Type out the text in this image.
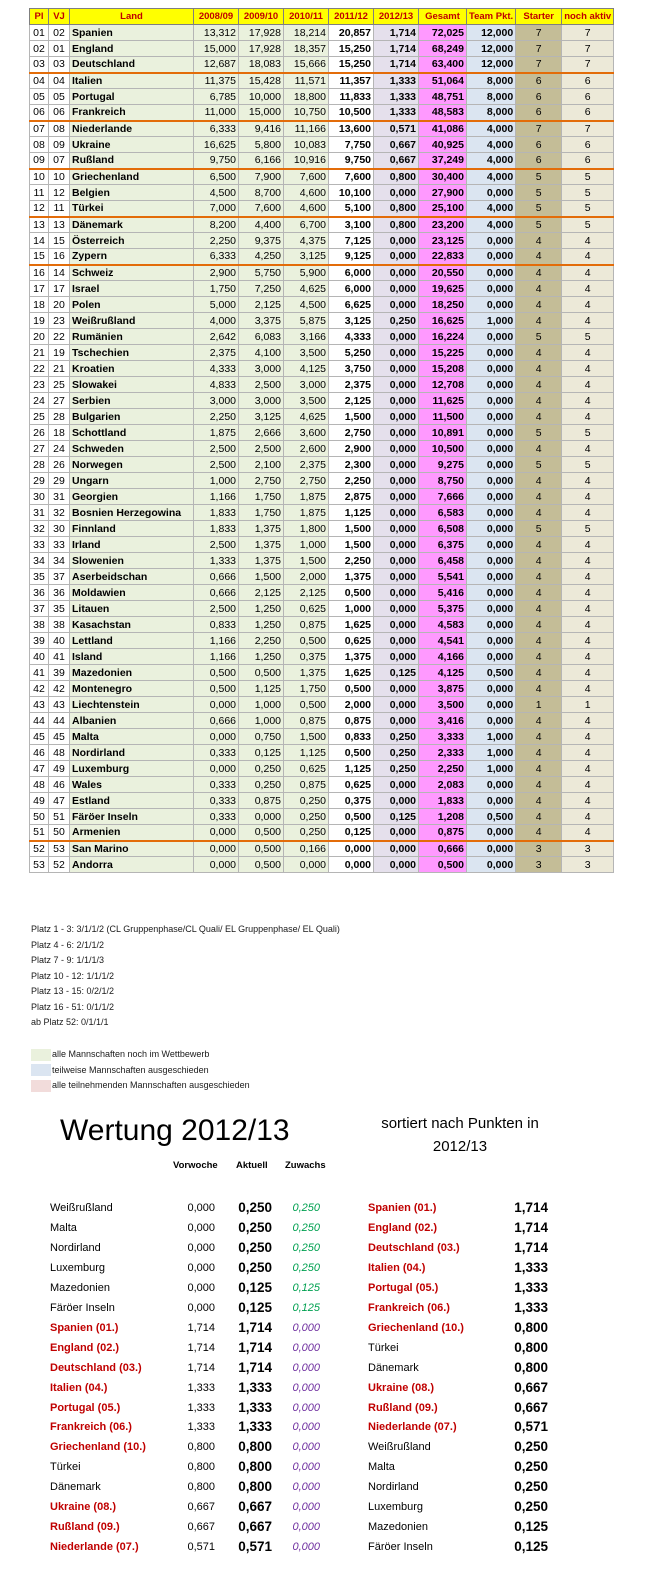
Pl	VJ	Land	2008/09	2009/10	2010/11	2011/12	2012/13	Gesamt	Team Pkt.	Starter	noch aktiv
01	02	Spanien	13,312	17,928	18,214	20,857	1,714	72,025	12,000	7	7
02	01	England	15,000	17,928	18,357	15,250	1,714	68,249	12,000	7	7
03	03	Deutschland	12,687	18,083	15,666	15,250	1,714	63,400	12,000	7	7
04	04	Italien	11,375	15,428	11,571	11,357	1,333	51,064	8,000	6	6
05	05	Portugal	6,785	10,000	18,800	11,833	1,333	48,751	8,000	6	6
06	06	Frankreich	11,000	15,000	10,750	10,500	1,333	48,583	8,000	6	6
07	08	Niederlande	6,333	9,416	11,166	13,600	0,571	41,086	4,000	7	7
08	09	Ukraine	16,625	5,800	10,083	7,750	0,667	40,925	4,000	6	6
09	07	Rußland	9,750	6,166	10,916	9,750	0,667	37,249	4,000	6	6
10	10	Griechenland	6,500	7,900	7,600	7,600	0,800	30,400	4,000	5	5
11	12	Belgien	4,500	8,700	4,600	10,100	0,000	27,900	0,000	5	5
12	11	Türkei	7,000	7,600	4,600	5,100	0,800	25,100	4,000	5	5
13	13	Dänemark	8,200	4,400	6,700	3,100	0,800	23,200	4,000	5	5
14	15	Österreich	2,250	9,375	4,375	7,125	0,000	23,125	0,000	4	4
15	16	Zypern	6,333	4,250	3,125	9,125	0,000	22,833	0,000	4	4
16	14	Schweiz	2,900	5,750	5,900	6,000	0,000	20,550	0,000	4	4
17	17	Israel	1,750	7,250	4,625	6,000	0,000	19,625	0,000	4	4
18	20	Polen	5,000	2,125	4,500	6,625	0,000	18,250	0,000	4	4
19	23	Weißrußland	4,000	3,375	5,875	3,125	0,250	16,625	1,000	4	4
20	22	Rumänien	2,642	6,083	3,166	4,333	0,000	16,224	0,000	5	5
21	19	Tschechien	2,375	4,100	3,500	5,250	0,000	15,225	0,000	4	4
22	21	Kroatien	4,333	3,000	4,125	3,750	0,000	15,208	0,000	4	4
23	25	Slowakei	4,833	2,500	3,000	2,375	0,000	12,708	0,000	4	4
24	27	Serbien	3,000	3,000	3,500	2,125	0,000	11,625	0,000	4	4
25	28	Bulgarien	2,250	3,125	4,625	1,500	0,000	11,500	0,000	4	4
26	18	Schottland	1,875	2,666	3,600	2,750	0,000	10,891	0,000	5	5
27	24	Schweden	2,500	2,500	2,600	2,900	0,000	10,500	0,000	4	4
28	26	Norwegen	2,500	2,100	2,375	2,300	0,000	9,275	0,000	5	5
29	29	Ungarn	1,000	2,750	2,750	2,250	0,000	8,750	0,000	4	4
30	31	Georgien	1,166	1,750	1,875	2,875	0,000	7,666	0,000	4	4
31	32	Bosnien Herzegowina	1,833	1,750	1,875	1,125	0,000	6,583	0,000	4	4
32	30	Finnland	1,833	1,375	1,800	1,500	0,000	6,508	0,000	5	5
33	33	Irland	2,500	1,375	1,000	1,500	0,000	6,375	0,000	4	4
34	34	Slowenien	1,333	1,375	1,500	2,250	0,000	6,458	0,000	4	4
35	37	Aserbeidschan	0,666	1,500	2,000	1,375	0,000	5,541	0,000	4	4
36	36	Moldawien	0,666	2,125	2,125	0,500	0,000	5,416	0,000	4	4
37	35	Litauen	2,500	1,250	0,625	1,000	0,000	5,375	0,000	4	4
38	38	Kasachstan	0,833	1,250	0,875	1,625	0,000	4,583	0,000	4	4
39	40	Lettland	1,166	2,250	0,500	0,625	0,000	4,541	0,000	4	4
40	41	Island	1,166	1,250	0,375	1,375	0,000	4,166	0,000	4	4
41	39	Mazedonien	0,500	0,500	1,375	1,625	0,125	4,125	0,500	4	4
42	42	Montenegro	0,500	1,125	1,750	0,500	0,000	3,875	0,000	4	4
43	43	Liechtenstein	0,000	1,000	0,500	2,000	0,000	3,500	0,000	1	1
44	44	Albanien	0,666	1,000	0,875	0,875	0,000	3,416	0,000	4	4
45	45	Malta	0,000	0,750	1,500	0,833	0,250	3,333	1,000	4	4
46	48	Nordirland	0,333	0,125	1,125	0,500	0,250	2,333	1,000	4	4
47	49	Luxemburg	0,000	0,250	0,625	1,125	0,250	2,250	1,000	4	4
48	46	Wales	0,333	0,250	0,875	0,625	0,000	2,083	0,000	4	4
49	47	Estland	0,333	0,875	0,250	0,375	0,000	1,833	0,000	4	4
50	51	Färöer Inseln	0,333	0,000	0,250	0,500	0,125	1,208	0,500	4	4
51	50	Armenien	0,000	0,500	0,250	0,125	0,000	0,875	0,000	4	4
52	53	San Marino	0,000	0,500	0,166	0,000	0,000	0,666	0,000	3	3
53	52	Andorra	0,000	0,500	0,000	0,000	0,000	0,500	0,000	3	3
Platz 1 - 3: 3/1/1/2 (CL Gruppenphase/CL Quali/ EL Gruppenphase/ EL Quali)
Platz 4 - 6: 2/1/1/2
Platz 7 - 9: 1/1/1/3
Platz 10 - 12: 1/1/1/2
Platz 13 - 15: 0/2/1/2
Platz 16 - 51: 0/1/1/2
ab Platz 52: 0/1/1/1
alle Mannschaften noch im Wettbewerb
teilweise Mannschaften ausgeschieden
alle teilnehmenden Mannschaften ausgeschieden
Wertung 2012/13	sortiert nach Punkten in 2012/13
Vorwoche Aktuell Zuwachs
Weißrußland	0,000	0,250	0,250
Malta	0,000	0,250	0,250
Nordirland	0,000	0,250	0,250
Luxemburg	0,000	0,250	0,250
Mazedonien	0,000	0,125	0,125
Färöer Inseln	0,000	0,125	0,125
Spanien (01.)	1,714	1,714	0,000
England (02.)	1,714	1,714	0,000
Deutschland (03.)	1,714	1,714	0,000
Italien (04.)	1,333	1,333	0,000
Portugal (05.)	1,333	1,333	0,000
Frankreich (06.)	1,333	1,333	0,000
Griechenland (10.)	0,800	0,800	0,000
Türkei	0,800	0,800	0,000
Dänemark	0,800	0,800	0,000
Ukraine (08.)	0,667	0,667	0,000
Rußland (09.)	0,667	0,667	0,000
Niederlande (07.)	0,571	0,571	0,000
Spanien (01.)	1,714
England (02.)	1,714
Deutschland (03.)	1,714
Italien (04.)	1,333
Portugal (05.)	1,333
Frankreich (06.)	1,333
Griechenland (10.)	0,800
Türkei	0,800
Dänemark	0,800
Ukraine (08.)	0,667
Rußland (09.)	0,667
Niederlande (07.)	0,571
Weißrußland	0,250
Malta	0,250
Nordirland	0,250
Luxemburg	0,250
Mazedonien	0,125
Färöer Inseln	0,125
